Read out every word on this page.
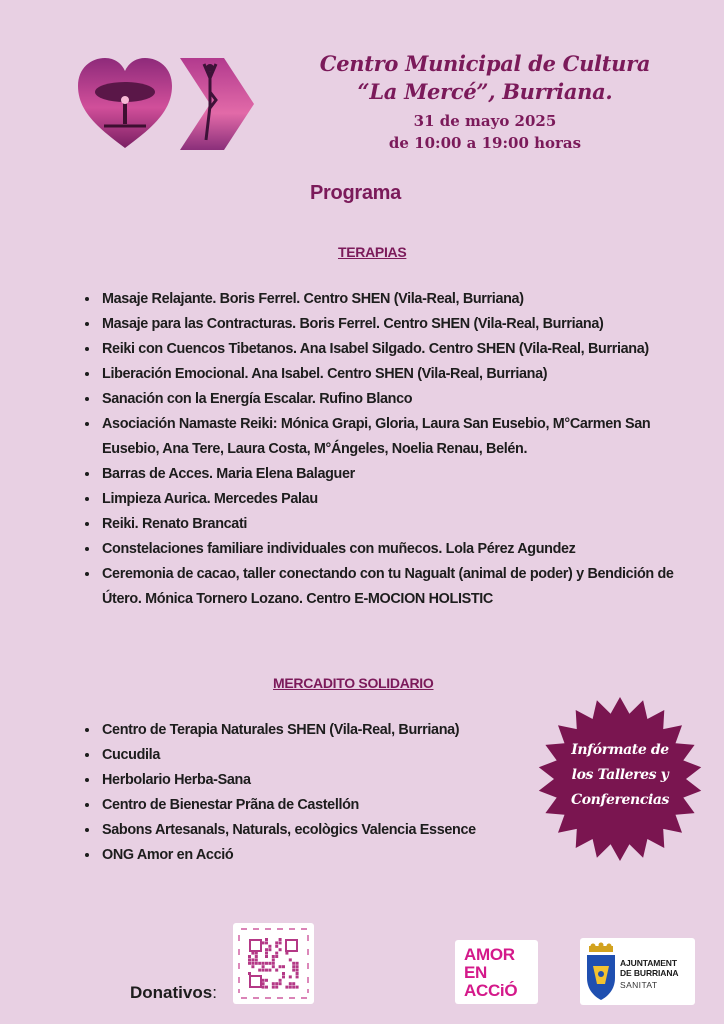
Centro Municipal de Cultura
“La Mercé”, Burriana.
31 de mayo 2025
de 10:00 a 19:00 horas
Programa
TERAPIAS
• Masaje Relajante. Boris Ferrel. Centro SHEN (Vila-Real, Burriana)
• Masaje para las Contracturas. Boris Ferrel. Centro SHEN (Vila-Real, Burriana)
• Reiki con Cuencos Tibetanos. Ana Isabel Silgado. Centro SHEN (Vila-Real, Burriana)
• Liberación Emocional. Ana Isabel. Centro SHEN (Vila-Real, Burriana)
• Sanación con la Energía Escalar. Rufino Blanco
• Asociación Namaste Reiki: Mónica Grapi, Gloria, Laura San Eusebio, M°Carmen San Eusebio, Ana Tere, Laura Costa, M°Ángeles, Noelia Renau, Belén.
• Barras de Acces. Maria Elena Balaguer
• Limpieza Aurica. Mercedes Palau
• Reiki. Renato Brancati
• Constelaciones familiare individuales con muñecos. Lola Pérez Agundez
• Ceremonia de cacao, taller conectando con tu Nagualt (animal de poder) y Bendición de Útero. Mónica Tornero Lozano. Centro E-MOCION HOLISTIC
MERCADITO SOLIDARIO
• Centro de Terapia Naturales SHEN (Vila-Real, Burriana)
• Cucudila
• Herbolario Herba-Sana
• Centro de Bienestar Prãna de Castellón
• Sabons Artesanals, Naturals, ecològics Valencia Essence
• ONG Amor en Acció
Infórmate de
los Talleres y
Conferencias
Donativos:
AMOR
EN
ACCiÓ
AJUNTAMENT
DE BURRIANA
SANITAT
